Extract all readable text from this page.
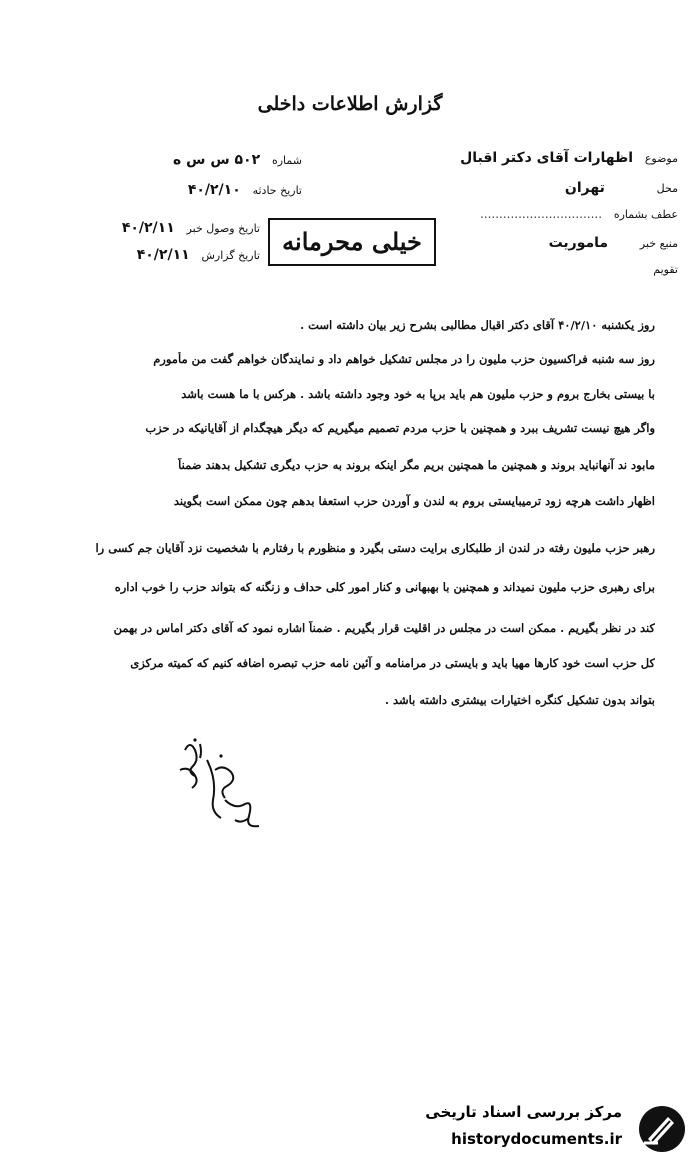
گزارش اطلاعات داخلی
موضوع اظهارات آقای دکتر اقبال
محل تهران
عطف بشماره ................................
منبع خبر ماموریت
تقویم
شماره ۵۰۲ س س ه
تاریخ حادثه ۴۰/۲/۱۰
تاریخ وصول خبر ۴۰/۲/۱۱
تاریخ گزارش ۴۰/۲/۱۱	خیلی محرمانه
روز یکشنبه ۴۰/۲/۱۰ آقای دکتر اقبال مطالبی بشرح زیر بیان داشته است .
روز سه شنبه فراکسیون حزب ملیون را در مجلس تشکیل خواهم داد و نمایندگان خواهم گفت من مأمورم
با بیستی بخارج بروم و حزب ملیون هم باید برپا به خود وجود داشته باشد . هرکس با ما هست باشد
واگر هیچ نیست تشریف ببرد و همچنین با حزب مردم تصمیم میگیریم که دیگر هیچگدام از آقایانیکه در حزب
مابود ند آنهانباید بروند و همچنین ما همچنین بریم مگر اینکه بروند به حزب دیگری تشکیل بدهند ضمناً
اظهار داشت هرچه زود ترمیبایستی بروم به لندن و آوردن حزب استعفا بدهم چون ممکن است بگویند
رهبر حزب ملیون رفته در لندن از طلبکاری برایت دستی بگیرد و منظورم با رفتارم با شخصیت نزد آقایان جم کسی را
برای رهبری حزب ملیون نمیداند و همچنین با بهبهانی و کنار امور کلی حداف و زنگنه که بتواند حزب را خوب اداره
کند در نظر بگیریم . ممکن است در مجلس در اقلیت قرار بگیریم . ضمناً اشاره نمود که آقای دکتر اماس در بهمن
کل حزب است خود کارها مهیا باید و بایستی در مرامنامه و آئین نامه حزب تبصره اضافه کنیم که کمیته مرکزی
بتواند بدون تشکیل کنگره اختیارات بیشتری داشته باشد .
مرکز بررسی اسناد تاریخی
historydocuments.ir
